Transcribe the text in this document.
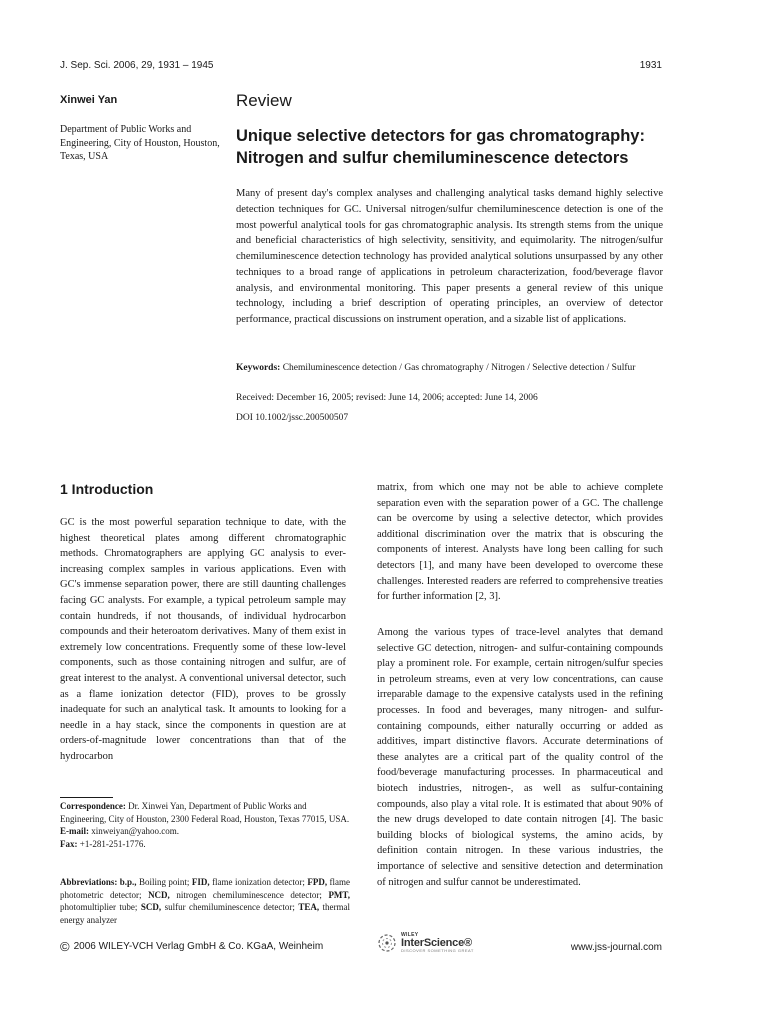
J. Sep. Sci. 2006, 29, 1931 – 1945	1931
Xinwei Yan
Department of Public Works and Engineering, City of Houston, Houston, Texas, USA
Review
Unique selective detectors for gas chromatography: Nitrogen and sulfur chemiluminescence detectors
Many of present day's complex analyses and challenging analytical tasks demand highly selective detection techniques for GC. Universal nitrogen/sulfur chemiluminescence detection is one of the most powerful analytical tools for gas chromatographic analysis. Its strength stems from the unique and beneficial characteristics of high selectivity, sensitivity, and equimolarity. The nitrogen/sulfur chemiluminescence detection technology has provided analytical solutions unsurpassed by any other techniques to a broad range of applications in petroleum characterization, food/beverage flavor analysis, and environmental monitoring. This paper presents a general review of this unique technology, including a brief description of operating principles, an overview of detector performance, practical discussions on instrument operation, and a sizable list of applications.
Keywords: Chemiluminescence detection / Gas chromatography / Nitrogen / Selective detection / Sulfur
Received: December 16, 2005; revised: June 14, 2006; accepted: June 14, 2006
DOI 10.1002/jssc.200500507
1 Introduction
GC is the most powerful separation technique to date, with the highest theoretical plates among different chromatographic methods. Chromatographers are applying GC analysis to ever-increasing complex samples in various applications. Even with GC's immense separation power, there are still daunting challenges facing GC analysts. For example, a typical petroleum sample may contain hundreds, if not thousands, of individual hydrocarbon compounds and their heteroatom derivatives. Many of them exist in extremely low concentrations. Frequently some of these low-level components, such as those containing nitrogen and sulfur, are of great interest to the analyst. A conventional universal detector, such as a flame ionization detector (FID), proves to be grossly inadequate for such an analytical task. It amounts to looking for a needle in a hay stack, since the components in question are at orders-of-magnitude lower concentrations than that of the hydrocarbon
Correspondence: Dr. Xinwei Yan, Department of Public Works and Engineering, City of Houston, 2300 Federal Road, Houston, Texas 77015, USA.
E-mail: xinweiyan@yahoo.com.
Fax: +1-281-251-1776.
Abbreviations: b.p., Boiling point; FID, flame ionization detector; FPD, flame photometric detector; NCD, nitrogen chemiluminescence detector; PMT, photomultiplier tube; SCD, sulfur chemiluminescence detector; TEA, thermal energy analyzer
matrix, from which one may not be able to achieve complete separation even with the separation power of a GC. The challenge can be overcome by using a selective detector, which provides additional discrimination over the matrix that is obscuring the components of interest. Analysts have long been calling for such detectors [1], and many have been developed to overcome these challenges. Interested readers are referred to comprehensive treaties for further information [2, 3].
Among the various types of trace-level analytes that demand selective GC detection, nitrogen- and sulfur-containing compounds play a prominent role. For example, certain nitrogen/sulfur species in petroleum streams, even at very low concentrations, can cause irreparable damage to the expensive catalysts used in the refining processes. In food and beverages, many nitrogen- and sulfur-containing compounds, either naturally occurring or added as additives, impart distinctive flavors. Accurate determinations of these analytes are a critical part of the quality control of the food/beverage manufacturing processes. In pharmaceutical and biotech industries, nitrogen-, as well as sulfur-containing compounds, also play a vital role. It is estimated that about 90% of the new drugs developed to date contain nitrogen [4]. The basic building blocks of biological systems, the amino acids, by definition contain nitrogen. In these various industries, the importance of selective and sensitive detection and determination of nitrogen and sulfur cannot be underestimated.
© 2006 WILEY-VCH Verlag GmbH & Co. KGaA, Weinheim
WILEY
InterScience®
DISCOVER SOMETHING GREAT	www.jss-journal.com
